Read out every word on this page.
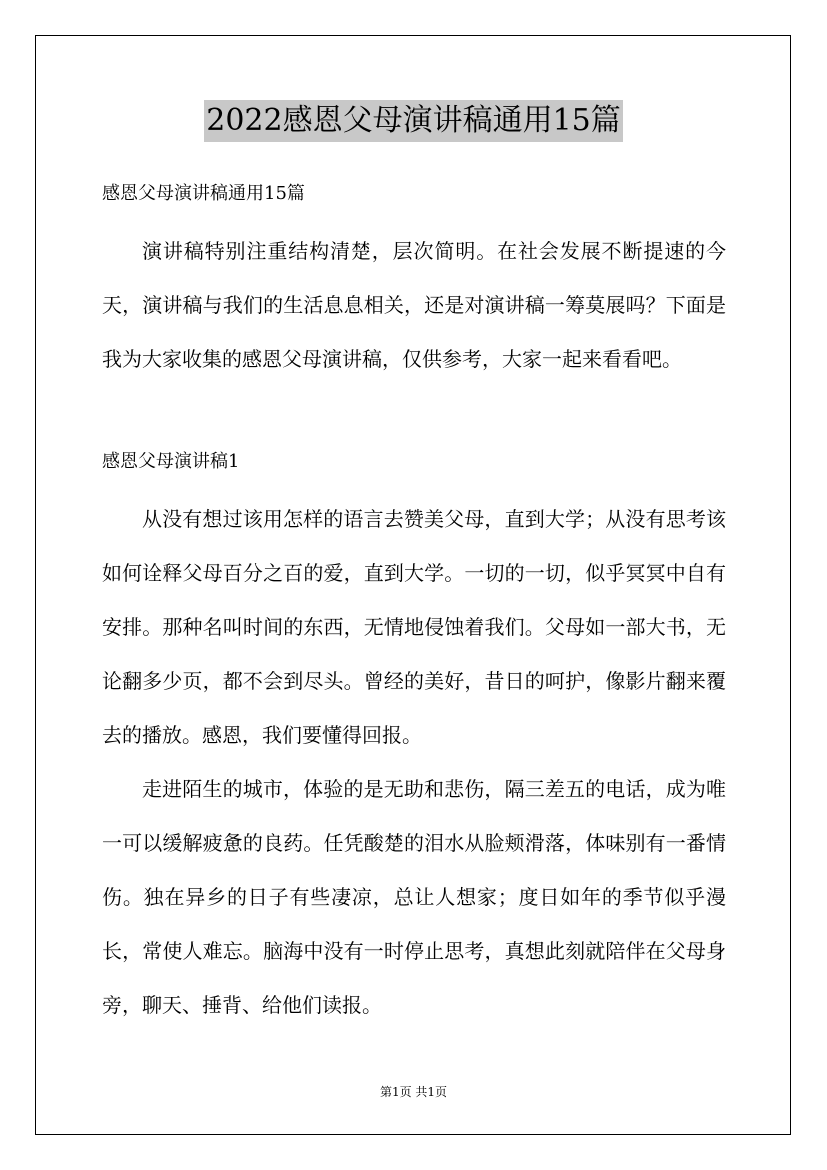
2022感恩父母演讲稿通用15篇

感恩父母演讲稿通用15篇

演讲稿特别注重结构清楚，层次简明。在社会发展不断提速的今天，演讲稿与我们的生活息息相关，还是对演讲稿一筹莫展吗？下面是我为大家收集的感恩父母演讲稿，仅供参考，大家一起来看看吧。

感恩父母演讲稿1

从没有想过该用怎样的语言去赞美父母，直到大学；从没有思考该如何诠释父母百分之百的爱，直到大学。一切的一切，似乎冥冥中自有安排。那种名叫时间的东西，无情地侵蚀着我们。父母如一部大书，无论翻多少页，都不会到尽头。曾经的美好，昔日的呵护，像影片翻来覆去的播放。感恩，我们要懂得回报。

走进陌生的城市，体验的是无助和悲伤，隔三差五的电话，成为唯一可以缓解疲惫的良药。任凭酸楚的泪水从脸颊滑落，体味别有一番情伤。独在异乡的日子有些凄凉，总让人想家；度日如年的季节似乎漫长，常使人难忘。脑海中没有一时停止思考，真想此刻就陪伴在父母身旁，聊天、捶背、给他们读报。

第1页 共1页
